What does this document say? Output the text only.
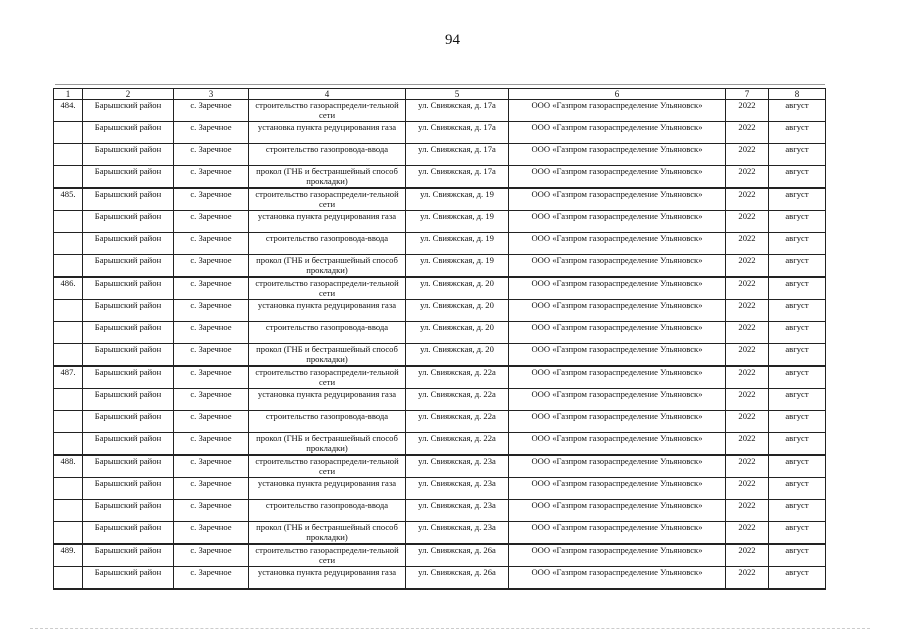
94
1	2	3	4	5	6	7	8
484.	Барышский район	с. Заречное	строительство газораспредели-тельной сети	ул. Свияжская, д. 17а	ООО «Газпром газораспределение Ульяновск»	2022	август
	Барышский район	с. Заречное	установка пункта редуцирования газа	ул. Свияжская, д. 17а	ООО «Газпром газораспределение Ульяновск»	2022	август
	Барышский район	с. Заречное	строительство газопровода-ввода	ул. Свияжская, д. 17а	ООО «Газпром газораспределение Ульяновск»	2022	август
	Барышский район	с. Заречное	прокол (ГНБ и бестраншейный способ прокладки)	ул. Свияжская, д. 17а	ООО «Газпром газораспределение Ульяновск»	2022	август
485.	Барышский район	с. Заречное	строительство газораспредели-тельной сети	ул. Свияжская, д. 19	ООО «Газпром газораспределение Ульяновск»	2022	август
	Барышский район	с. Заречное	установка пункта редуцирования газа	ул. Свияжская, д. 19	ООО «Газпром газораспределение Ульяновск»	2022	август
	Барышский район	с. Заречное	строительство газопровода-ввода	ул. Свияжская, д. 19	ООО «Газпром газораспределение Ульяновск»	2022	август
	Барышский район	с. Заречное	прокол (ГНБ и бестраншейный способ прокладки)	ул. Свияжская, д. 19	ООО «Газпром газораспределение Ульяновск»	2022	август
486.	Барышский район	с. Заречное	строительство газораспредели-тельной сети	ул. Свияжская, д. 20	ООО «Газпром газораспределение Ульяновск»	2022	август
	Барышский район	с. Заречное	установка пункта редуцирования газа	ул. Свияжская, д. 20	ООО «Газпром газораспределение Ульяновск»	2022	август
	Барышский район	с. Заречное	строительство газопровода-ввода	ул. Свияжская, д. 20	ООО «Газпром газораспределение Ульяновск»	2022	август
	Барышский район	с. Заречное	прокол (ГНБ и бестраншейный способ прокладки)	ул. Свияжская, д. 20	ООО «Газпром газораспределение Ульяновск»	2022	август
487.	Барышский район	с. Заречное	строительство газораспредели-тельной сети	ул. Свияжская, д. 22а	ООО «Газпром газораспределение Ульяновск»	2022	август
	Барышский район	с. Заречное	установка пункта редуцирования газа	ул. Свияжская, д. 22а	ООО «Газпром газораспределение Ульяновск»	2022	август
	Барышский район	с. Заречное	строительство газопровода-ввода	ул. Свияжская, д. 22а	ООО «Газпром газораспределение Ульяновск»	2022	август
	Барышский район	с. Заречное	прокол (ГНБ и бестраншейный способ прокладки)	ул. Свияжская, д. 22а	ООО «Газпром газораспределение Ульяновск»	2022	август
488.	Барышский район	с. Заречное	строительство газораспредели-тельной сети	ул. Свияжская, д. 23а	ООО «Газпром газораспределение Ульяновск»	2022	август
	Барышский район	с. Заречное	установка пункта редуцирования газа	ул. Свияжская, д. 23а	ООО «Газпром газораспределение Ульяновск»	2022	август
	Барышский район	с. Заречное	строительство газопровода-ввода	ул. Свияжская, д. 23а	ООО «Газпром газораспределение Ульяновск»	2022	август
	Барышский район	с. Заречное	прокол (ГНБ и бестраншейный способ прокладки)	ул. Свияжская, д. 23а	ООО «Газпром газораспределение Ульяновск»	2022	август
489.	Барышский район	с. Заречное	строительство газораспредели-тельной сети	ул. Свияжская, д. 26а	ООО «Газпром газораспределение Ульяновск»	2022	август
	Барышский район	с. Заречное	установка пункта редуцирования газа	ул. Свияжская, д. 26а	ООО «Газпром газораспределение Ульяновск»	2022	август
